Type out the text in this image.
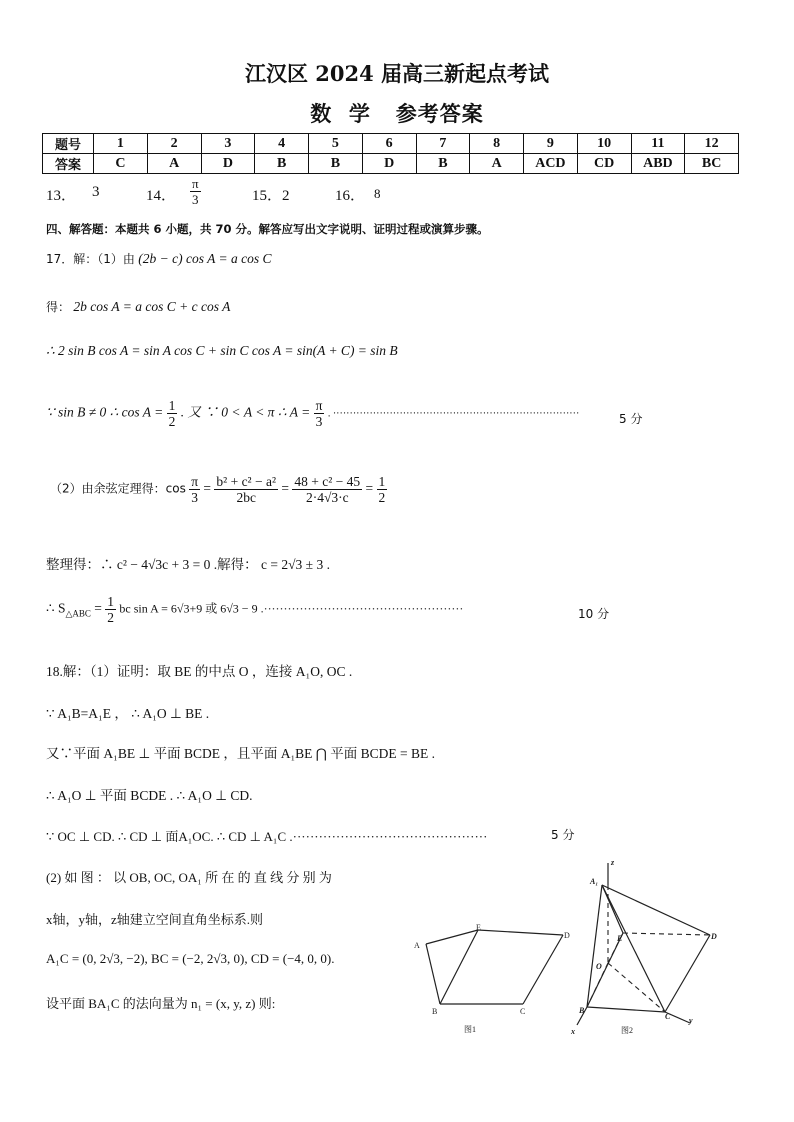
江汉区 2024 届高三新起点考试
数  学   参考答案
题号	1	2	3	4	5	6	7	8	9	10	11	12
答案	C	A	D	B	B	D	B	A	ACD	CD	ABD	BC
13． 3	14． $\frac{\pi}{3}$	15．2	16． 8
四、解答题：本题共 6 小题，共 70 分。解答应写出文字说明、证明过程或演算步骤。
17．解：（1）由 (2b − c) cos A = a cos C
得： 2b cos A = a cos C + c cos A
∴ 2 sin B cos A = sin A cos C + sin C cos A = sin(A + C) = sin B
∵ sin B ≠ 0 ∴ $\cos A = \frac{1}{2}$ . 又 ∵ 0 < A < π ∴ $A = \frac{\pi}{3}$ . ··········································································	5 分
（2）由余弦定理得：$\cos \frac{\pi}{3} = \frac{\text{b² + c² − a²}}{2bc} = \frac{\text{48 + c² − 45}}{2\cdot 4√3\cdot c} = \frac{1}{2}$
整理得：∴ c² − 4√3c + 3 = 0 .解得： c = 2√3 ± 3 .
∴ $S_{\triangle ABC} = \frac{1}{2}$ bc sin A = 6√3+9 或 6√3 − 9 .··················································	10 分
18.解：（1）证明：取 BE 的中点 O ，连接 A₁O, OC .
∵ A₁B=A₁E ， ∴ A₁O ⊥ BE .
又∵平面 A₁BE ⊥ 平面 BCDE ，且平面 A₁BE ⋂ 平面 BCDE = BE .
∴ A₁O ⊥ 平面 BCDE . ∴ A₁O ⊥ CD.
∵ OC ⊥ CD. ∴ CD ⊥ 面A₁OC. ∴ CD ⊥ A₁C .·············································	5 分
(2) 如 图 ： 以 OB, OC, OA₁ 所 在 的 直 线 分 别 为
x轴，y轴，z轴建立空间直角坐标系.则
A₁C = (0, 2√3, −2), BC = (−2, 2√3, 0), CD = (−4, 0, 0).
设平面 BA₁C 的法向量为 n₁ = (x, y, z) 则:
A
E
D
B	C
图1
z
A₁
E	D
O
B
C
x
y
图2
